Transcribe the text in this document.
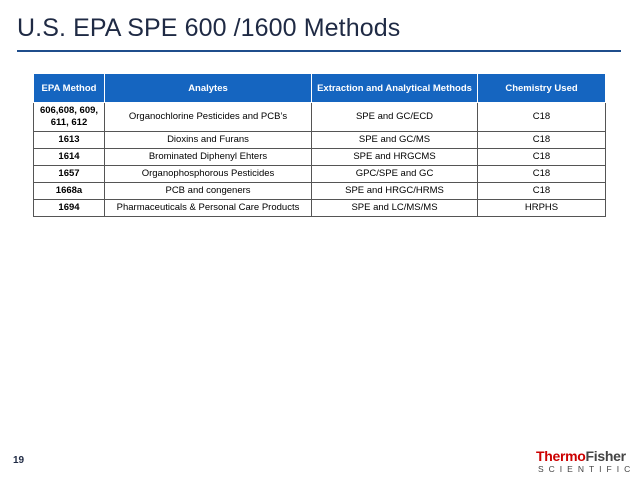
U.S. EPA SPE 600 /1600 Methods
EPA Method	Analytes	Extraction and Analytical Methods	Chemistry Used
606,608, 609, 611, 612	Organochlorine Pesticides and PCB’s	SPE and GC/ECD	C18
1613	Dioxins and Furans	SPE and GC/MS	C18
1614	Brominated Diphenyl Ehters	SPE and HRGCMS	C18
1657	Organophosphorous Pesticides	GPC/SPE and GC	C18
1668a	PCB and congeners	SPE and HRGC/HRMS	C18
1694	Pharmaceuticals & Personal Care Products	SPE and LC/MS/MS	HRPHS
19	ThermoFisher
SCIENTIFIC
